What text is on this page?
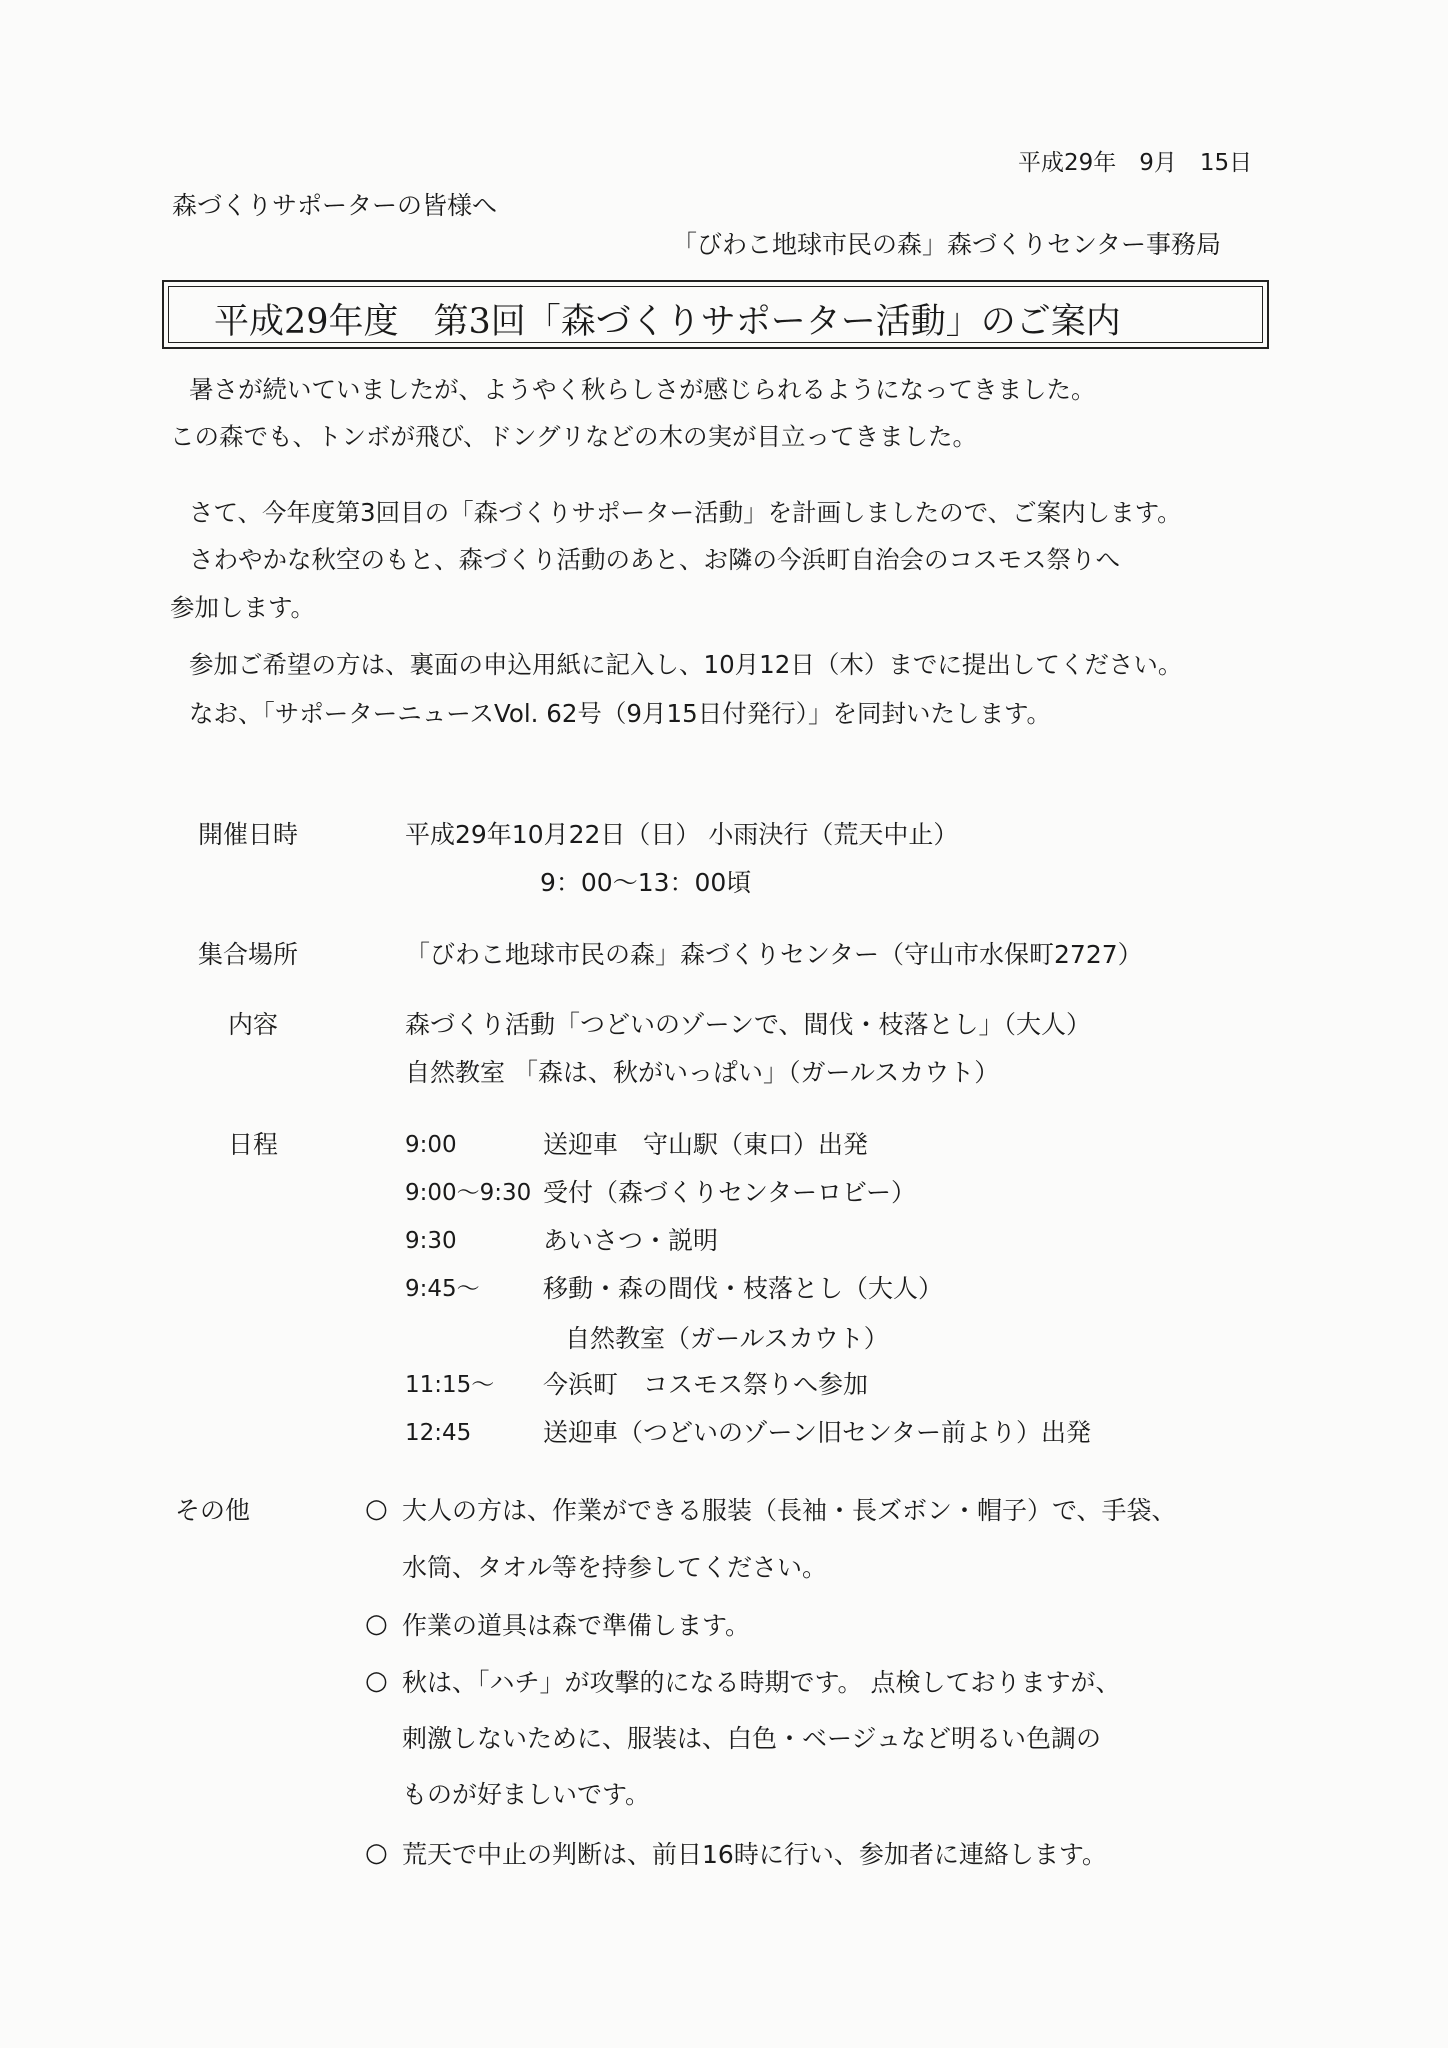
平成29年　9月　15日
森づくりサポーターの皆様へ
「びわこ地球市民の森」森づくりセンター事務局
平成29年度　第3回「森づくりサポーター活動」のご案内
暑さが続いていましたが、ようやく秋らしさが感じられるようになってきました。
この森でも、トンボが飛び、ドングリなどの木の実が目立ってきました。
さて、今年度第3回目の「森づくりサポーター活動」を計画しましたので、ご案内します。
さわやかな秋空のもと、森づくり活動のあと、お隣の今浜町自治会のコスモス祭りへ
参加します。
参加ご希望の方は、裏面の申込用紙に記入し、10月12日（木）までに提出してください。
なお、「サポーターニュースVol. 62号（9月15日付発行）」を同封いたします。
開催日時	平成29年10月22日（日） 小雨決行（荒天中止）
9：00～13：00頃
集合場所	「びわこ地球市民の森」森づくりセンター（守山市水保町2727）
内容	森づくり活動「つどいのゾーンで、間伐・枝落とし」（大人）
自然教室 「森は、秋がいっぱい」（ガールスカウト）
日程	9:00	送迎車　守山駅（東口）出発
9:00～9:30 受付（森づくりセンターロビー）
9:30	あいさつ・説明
9:45～	移動・森の間伐・枝落とし（大人）
自然教室（ガールスカウト）
11:15～ 今浜町　コスモス祭りへ参加
12:45	送迎車（つどいのゾーン旧センター前より）出発
その他	○ 大人の方は、作業ができる服装（長袖・長ズボン・帽子）で、手袋、
水筒、タオル等を持参してください。
○ 作業の道具は森で準備します。
○ 秋は、「ハチ」が攻撃的になる時期です。 点検しておりますが、
刺激しないために、服装は、白色・ベージュなど明るい色調の
ものが好ましいです。
○ 荒天で中止の判断は、前日16時に行い、参加者に連絡します。
